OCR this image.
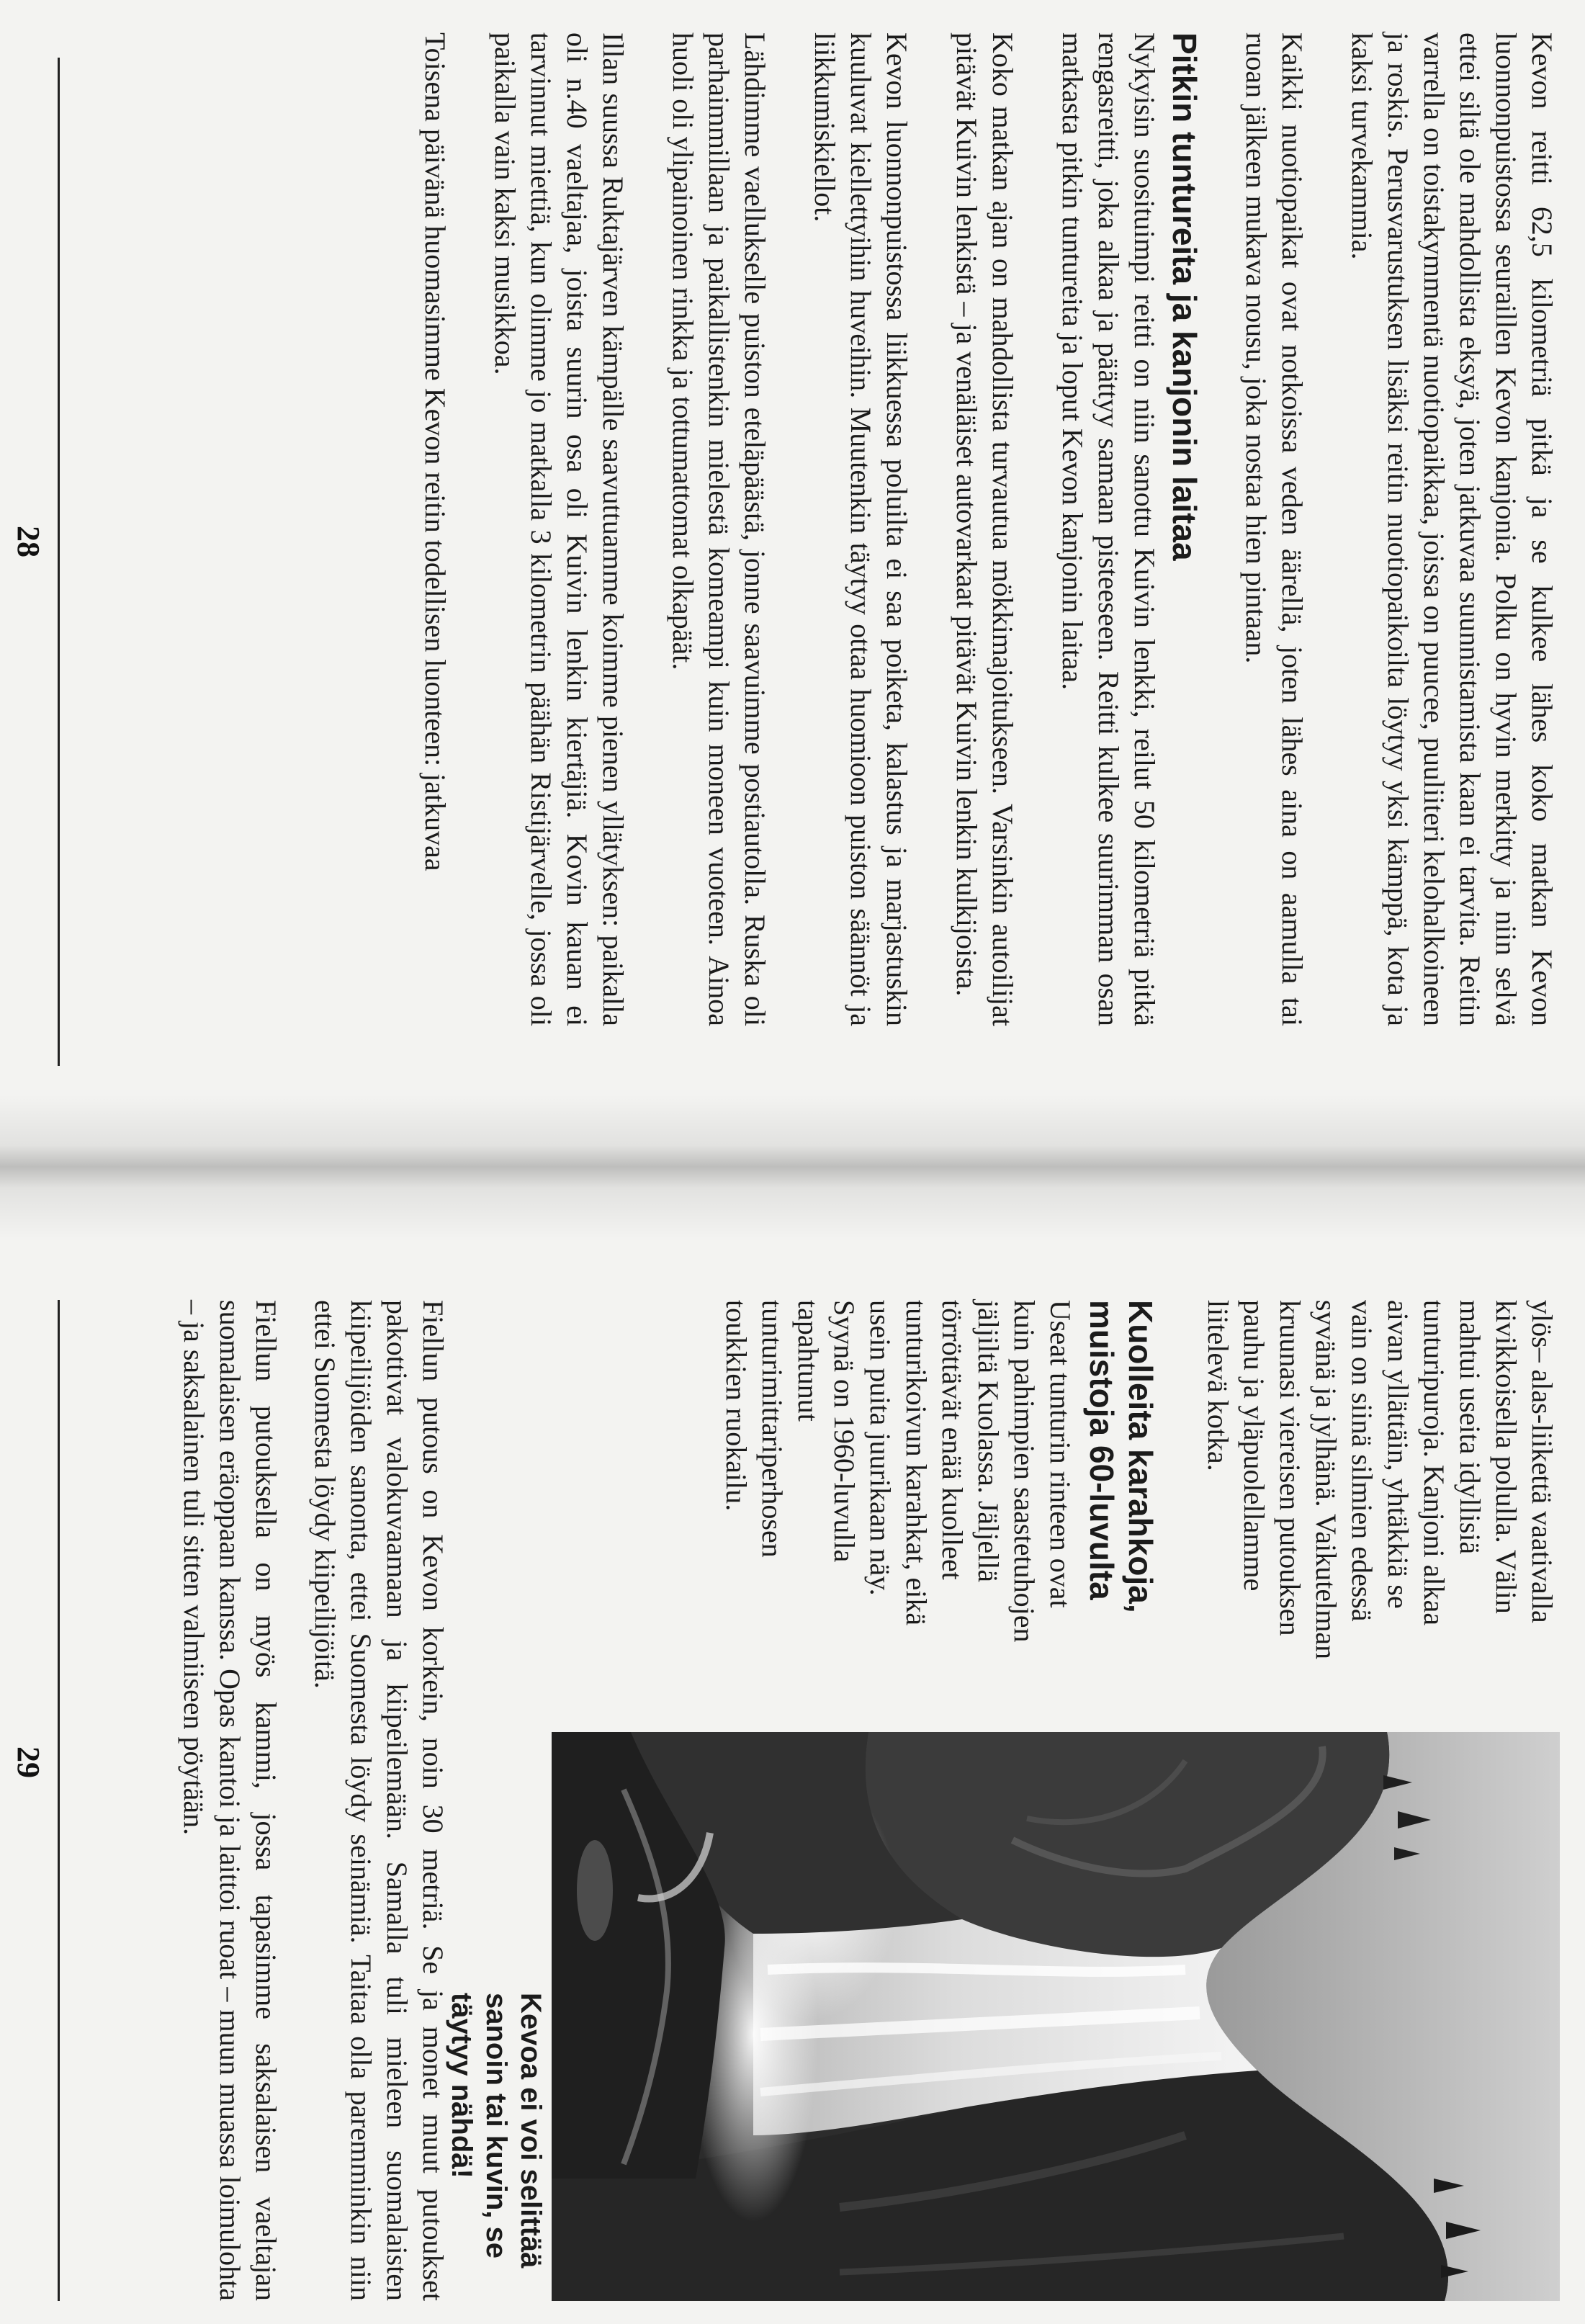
Kevon reitti 62,5 kilometriä pitkä ja se kulkee lähes koko matkan Kevon luonnonpuistossa seuraillen Kevon kanjonia. Polku on hyvin merkitty ja niin selvä ettei siltä ole mahdollista eksyä, joten jatkuvaa suunnistamista kaan ei tarvita. Reitin varrella on toistakymmentä nuotiopaikkaa, joissa on puucee, puuliiteri kelohalkoineen ja roskis. Perusvarustuksen lisäksi reitin nuotiopaikoilta löytyy yksi kämppä, kota ja kaksi turvekammia.

Kaikki nuotiopaikat ovat notkoissa veden äärellä, joten lähes aina on aamulla tai ruoan jälkeen mukava nousu, joka nostaa hien pintaan.

Pitkin tuntureita ja kanjonin laitaa

Nykyisin suosituimpi reitti on niin sanottu Kuivin lenkki, reilut 50 kilometriä pitkä rengasreitti, joka alkaa ja päättyy samaan pisteeseen. Reitti kulkee suurimman osan matkasta pitkin tuntureita ja loput Kevon kanjonin laitaa.

Koko matkan ajan on mahdollista turvautua mökkimajoitukseen. Varsinkin autoilijat pitävät Kuivin lenkistä – ja venäläiset autovarkaat pitävät Kuivin lenkin kulkijoista.

Kevon luonnonpuistossa liikkuessa poluilta ei saa poiketa, kalastus ja marjastuskin kuuluvat kiellettyihin huveihin. Muutenkin täytyy ottaa huomioon puiston säännöt ja liikkumiskiellot.

Lähdimme vaellukselle puiston eteläpäästä, jonne saavuimme postiautolla. Ruska oli parhaimmillaan ja paikallistenkin mielestä komeampi kuin moneen vuoteen. Ainoa huoli oli ylipainoinen rinkka ja tottumattomat olkapäät.

Illan suussa Ruktajärven kämpälle saavuttuamme koimme pienen yllätyksen: paikalla oli n.40 vaeltajaa, joista suurin osa oli Kuivin lenkin kiertäjiä. Kovin kauan ei tarvinnut miettiä, kun olimme jo matkalla 3 kilometrin päähän Ristijärvelle, jossa oli paikalla vain kaksi musikkoa.

Toisena päivänä huomasimme Kevon reitin todellisen luonteen: jatkuvaa

28

ylös– alas-liikettä vaativalla kivikkoisella polulla. Välin mahtui useita idyllisiä tunturipuroja. Kanjoni alkaa aivan yllättäin, yhtäkkiä se vain on siinä silmien edessä syvänä ja jylhänä. Vaikutelman kruunasi viereisen putouksen pauhu ja yläpuolellamme liitelevä kotka.

Kuolleita karahkoja, muistoja 60-luvulta

Useat tunturin rinteen ovat kuin pahimpien saastetuhojen jäljiltä Kuolassa. Jäljellä törröttävät enää kuolleet tunturikoivun karahkat, eikä usein puita juurikaan näy. Syynä on 1960-luvulla tapahtunut tunturimittariperhosen toukkien ruokailu.

Kevoa ei voi selittää sanoin tai kuvin, se täytyy nähdä!

Fiellun putous on Kevon korkein, noin 30 metriä. Se ja monet muut putoukset pakottivat valokuvaamaan ja kiipeilemään. Samalla tuli mieleen suomalaisten kiipeilijöiden sanonta, ettei Suomesta löydy seinämiä. Taitaa olla paremminkin niin ettei Suomesta löydy kiipeilijöitä.

Fiellun putouksella on myös kammi, jossa tapasimme saksalaisen vaeltajan suomalaisen eräoppaan kanssa. Opas kantoi ja laittoi ruoat – muun muassa loimulohta – ja saksalainen tuli sitten valmiiseen pöytään.

29
